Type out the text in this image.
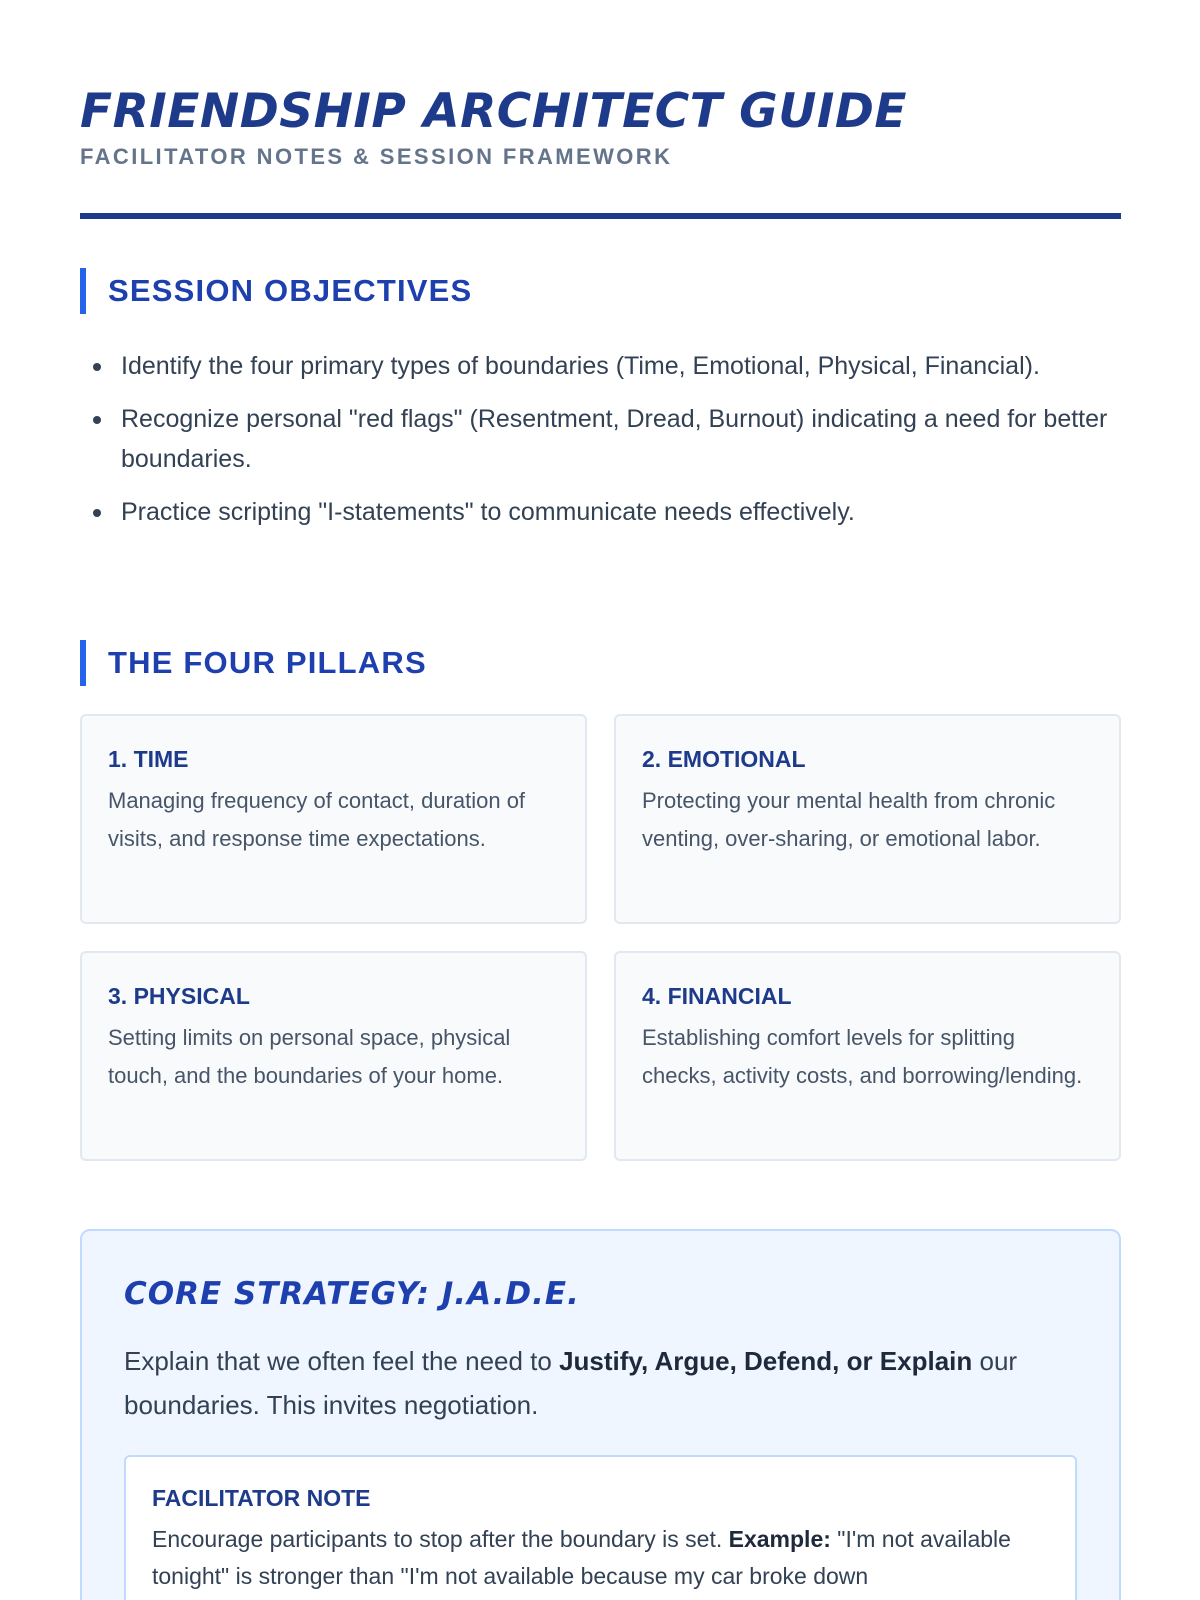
FRIENDSHIP ARCHITECT GUIDE
FACILITATOR NOTES & SESSION FRAMEWORK
SESSION OBJECTIVES
Identify the four primary types of boundaries (Time, Emotional, Physical, Financial).
Recognize personal "red flags" (Resentment, Dread, Burnout) indicating a need for better boundaries.
Practice scripting "I-statements" to communicate needs effectively.
THE FOUR PILLARS
1. TIME
Managing frequency of contact, duration of visits, and response time expectations.
2. EMOTIONAL
Protecting your mental health from chronic venting, over-sharing, or emotional labor.
3. PHYSICAL
Setting limits on personal space, physical touch, and the boundaries of your home.
4. FINANCIAL
Establishing comfort levels for splitting checks, activity costs, and borrowing/lending.
CORE STRATEGY: J.A.D.E.

Explain that we often feel the need to Justify, Argue, Defend, or Explain our boundaries. This invites negotiation.

FACILITATOR NOTE

Encourage participants to stop after the boundary is set. Example: "I'm not available tonight" is stronger than "I'm not available because my car broke down
